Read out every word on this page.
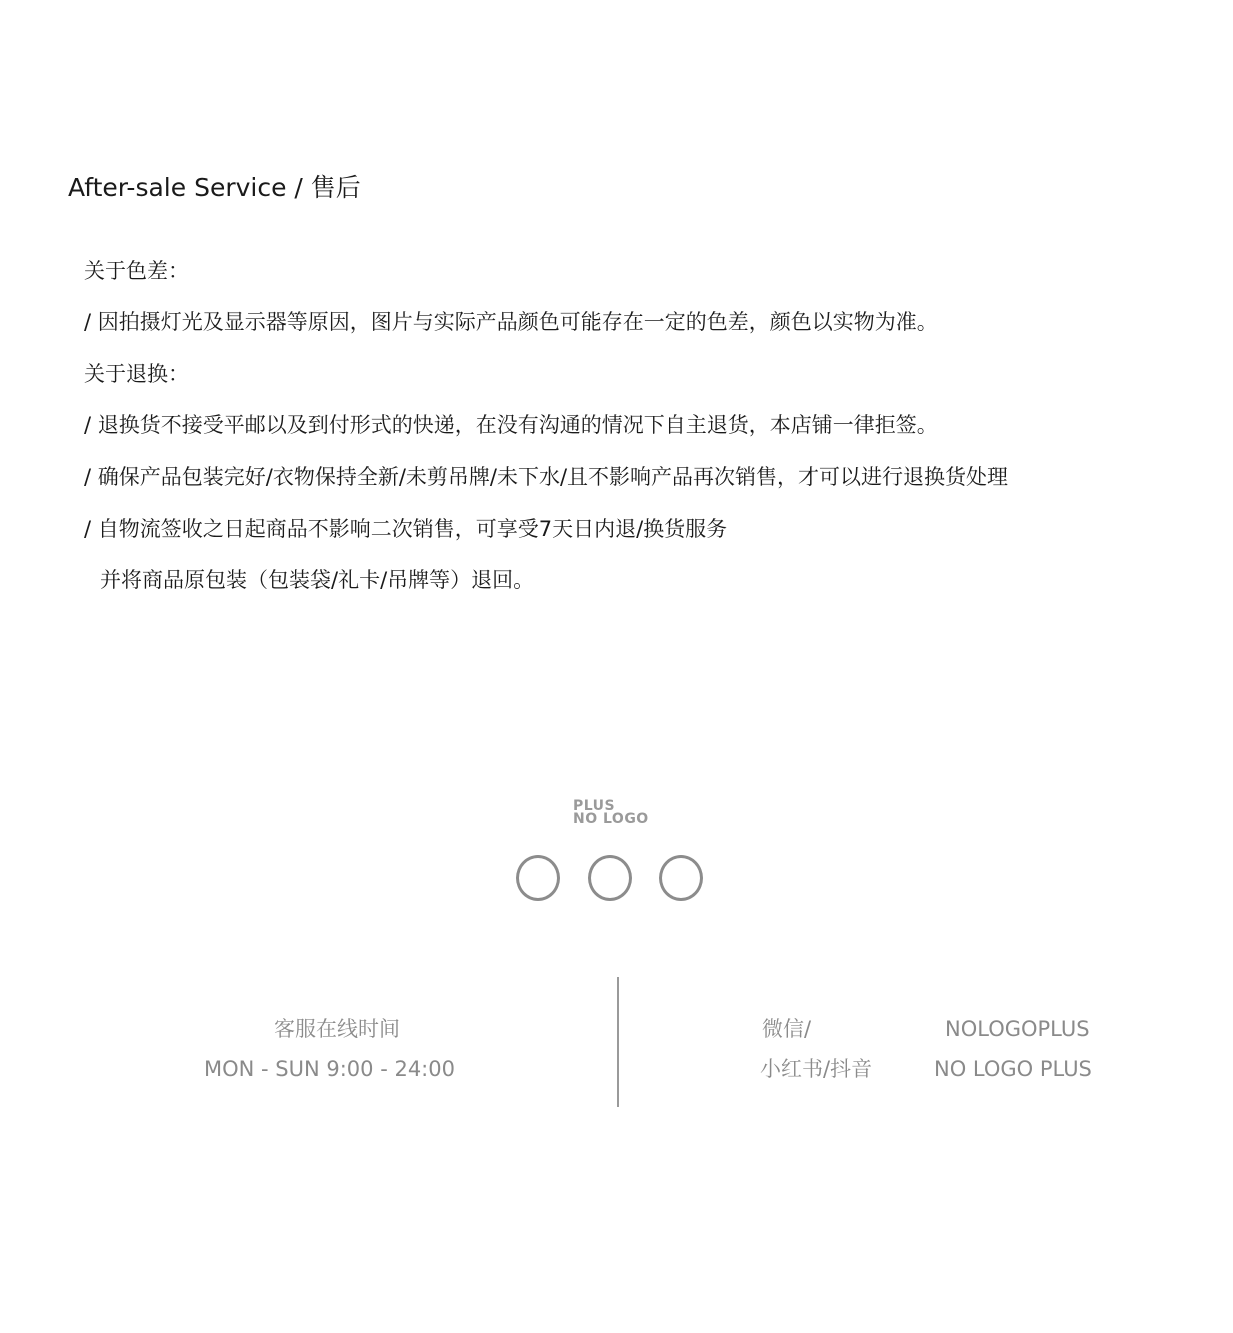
After-sale Service / 售后
关于色差：
/ 因拍摄灯光及显示器等原因，图片与实际产品颜色可能存在一定的色差，颜色以实物为准。
关于退换：
/ 退换货不接受平邮以及到付形式的快递，在没有沟通的情况下自主退货，本店铺一律拒签。
/ 确保产品包装完好/衣物保持全新/未剪吊牌/未下水/且不影响产品再次销售，才可以进行退换货处理
/ 自物流签收之日起商品不影响二次销售，可享受7天日内退/换货服务
并将商品原包装（包装袋/礼卡/吊牌等）退回。
PLUS
NO LOGO
客服在线时间
MON - SUN 9:00 - 24:00
微信/
小红书/抖音
NOLOGOPLUS
NO LOGO PLUS
